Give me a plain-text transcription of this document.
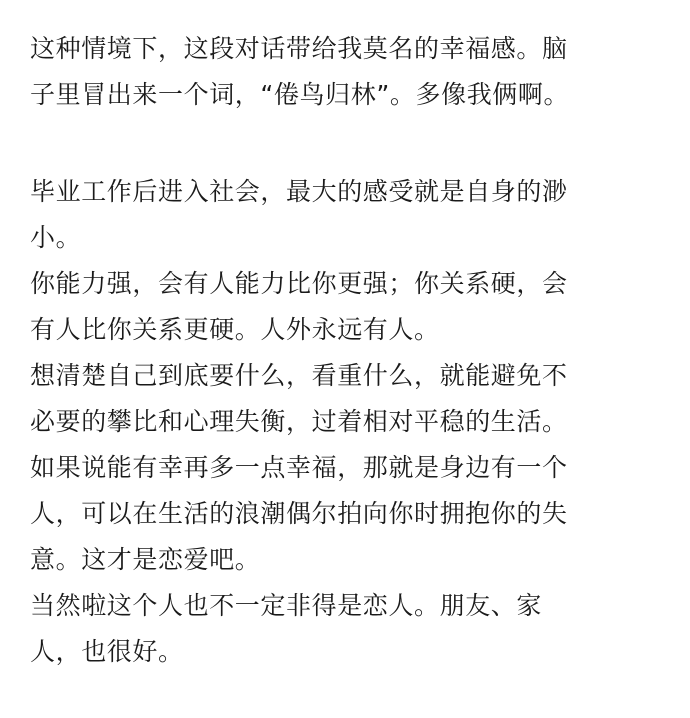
这种情境下，这段对话带给我莫名的幸福感。脑
子里冒出来一个词，“倦鸟归林”。多像我俩啊。
毕业工作后进入社会，最大的感受就是自身的渺
小。
你能力强，会有人能力比你更强；你关系硬，会
有人比你关系更硬。人外永远有人。
想清楚自己到底要什么，看重什么，就能避免不
必要的攀比和心理失衡，过着相对平稳的生活。
如果说能有幸再多一点幸福，那就是身边有一个
人，可以在生活的浪潮偶尔拍向你时拥抱你的失
意。这才是恋爱吧。
当然啦这个人也不一定非得是恋人。朋友、家
人，也很好。
